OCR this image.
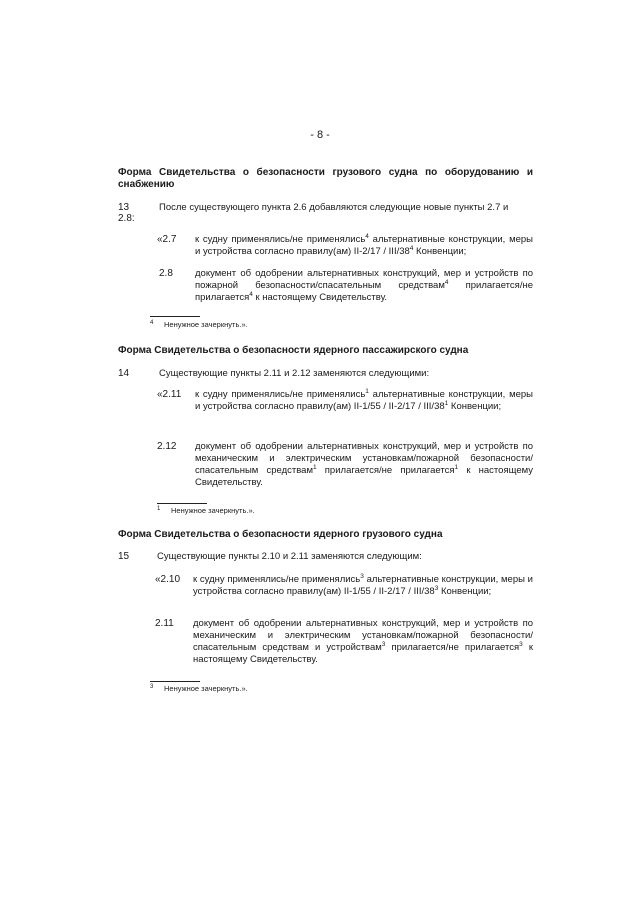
- 8 -
Форма Свидетельства о безопасности грузового судна по оборудованию и снабжению
13
2.8:
После существующего пункта 2.6 добавляются следующие новые пункты 2.7 и
«2.7 к судну применялись/не применялись$^4$ альтернативные конструкции, меры и устройства согласно правилу(ам) II-2/17 / III/$38^4$ Конвенции;
2.8 документ об одобрении альтернативных конструкций, мер и устройств по пожарной безопасности/спасательным средствам$^4$ прилагается/не прилагается$^4$ к настоящему Свидетельству.
4 Ненужное зачеркнуть.».
Форма Свидетельства о безопасности ядерного пассажирского судна
14	Существующие пункты 2.11 и 2.12 заменяются следующими:
«2.11 к судну применялись/не применялись$^1$ альтернативные конструкции, меры и устройства согласно правилу(ам) II-1/55 / II-2/17 / III/$38^1$ Конвенции;
2.12 документ об одобрении альтернативных конструкций, мер и устройств по механическим и электрическим установкам/пожарной безопасности/ спасательным средствам$^1$ прилагается/не прилагается$^1$ к настоящему Свидетельству.
1 Ненужное зачеркнуть.».
Форма Свидетельства о безопасности ядерного грузового судна
15	Существующие пункты 2.10 и 2.11 заменяются следующим:
«2.10 к судну применялись/не применялись$^3$ альтернативные конструкции, меры и устройства согласно правилу(ам) II-1/55 / II-2/17 / III/$38^3$ Конвенции;
2.11 документ об одобрении альтернативных конструкций, мер и устройств по механическим и электрическим установкам/пожарной безопасности/ спасательным средствам и устройствам$^3$ прилагается/не прилагается$^3$ к настоящему Свидетельству.
3 Ненужное зачеркнуть.».
